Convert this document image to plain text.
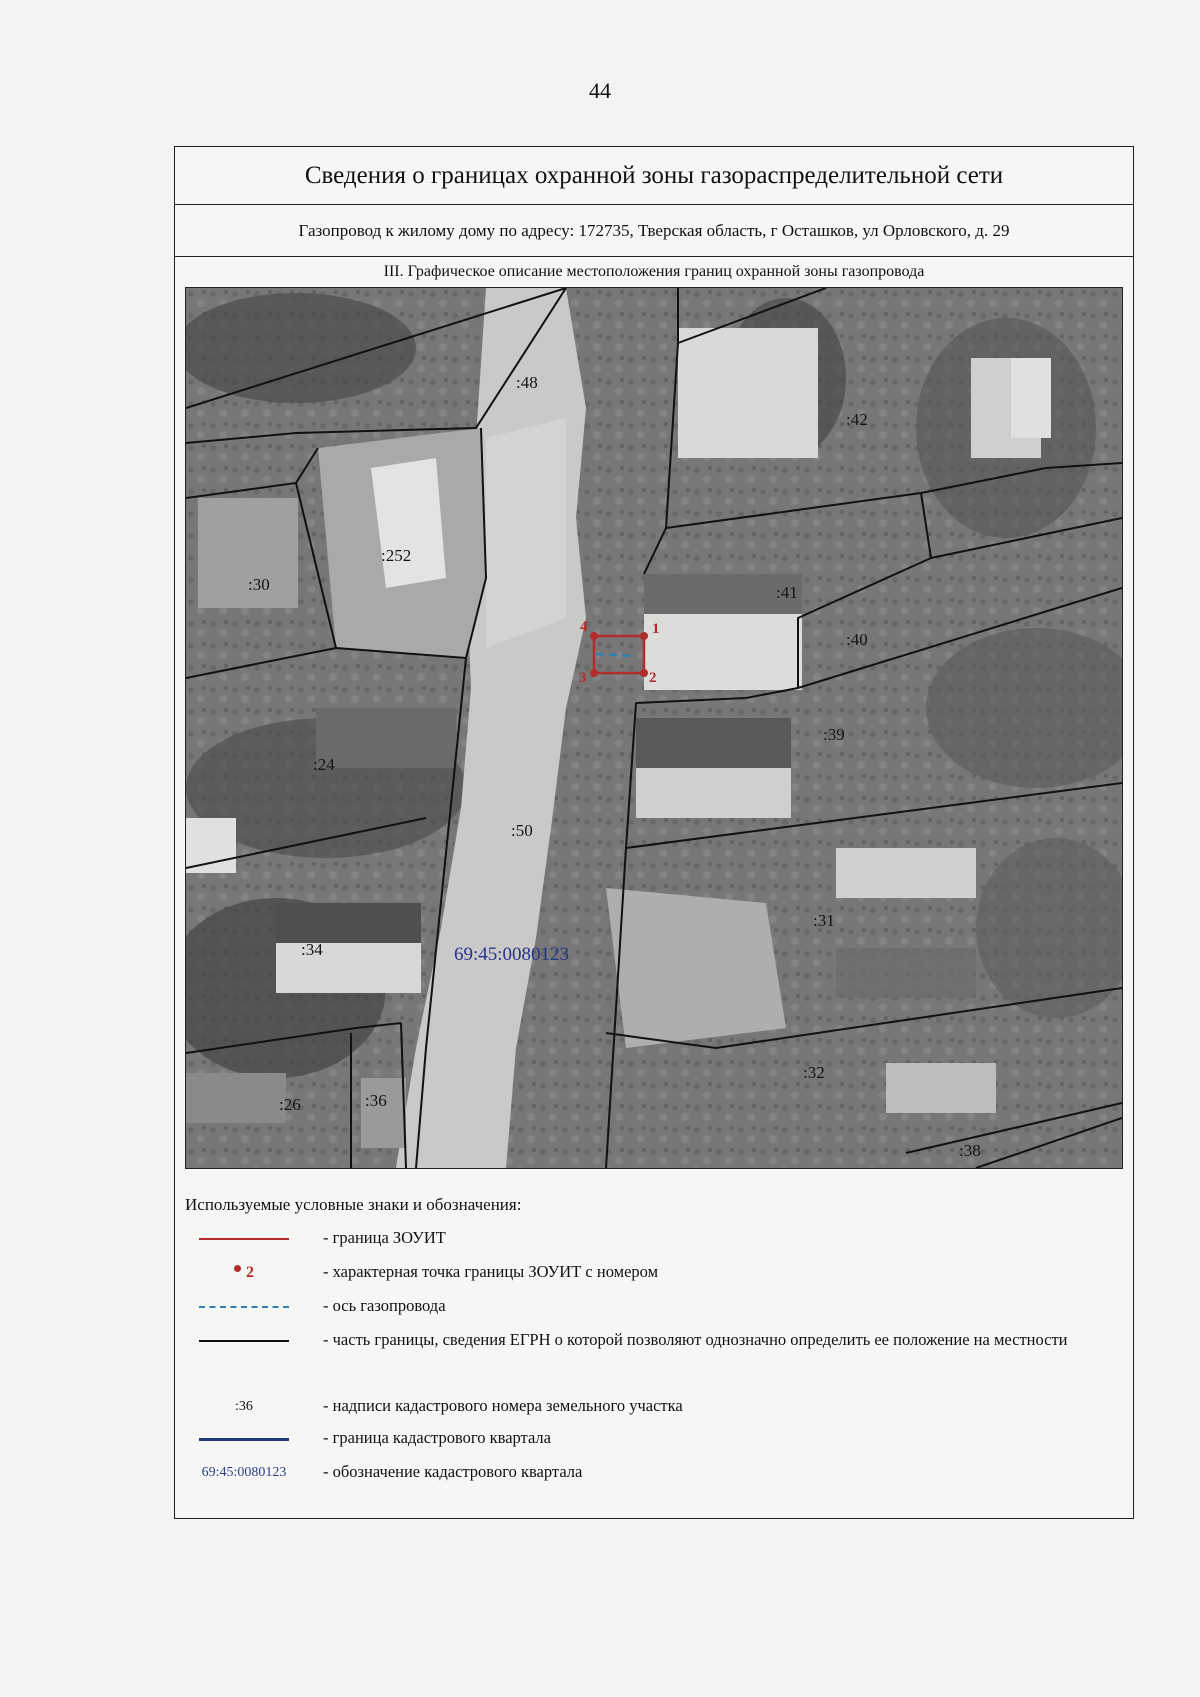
44
Сведения о границах охранной зоны газораспределительной сети
Газопровод к жилому дому по адресу: 172735, Тверская область, г Осташков, ул Орловского, д. 29
III. Графическое описание местоположения границ охранной зоны газопровода
1
2
3
4
:48
:42
:252
:30	:41
:40
:39
:24
:50
:34
:31
:32
:26	:36
:38
69:45:0080123
Используемые условные знаки и обозначения:
- граница ЗОУИТ
2	- характерная точка границы ЗОУИТ с номером
- ось газопровода
- часть границы, сведения ЕГРН о которой позволяют однозначно определить ее положение на местности
:36	- надписи кадастрового номера земельного участка
- граница кадастрового квартала
69:45:0080123 - обозначение кадастрового квартала
